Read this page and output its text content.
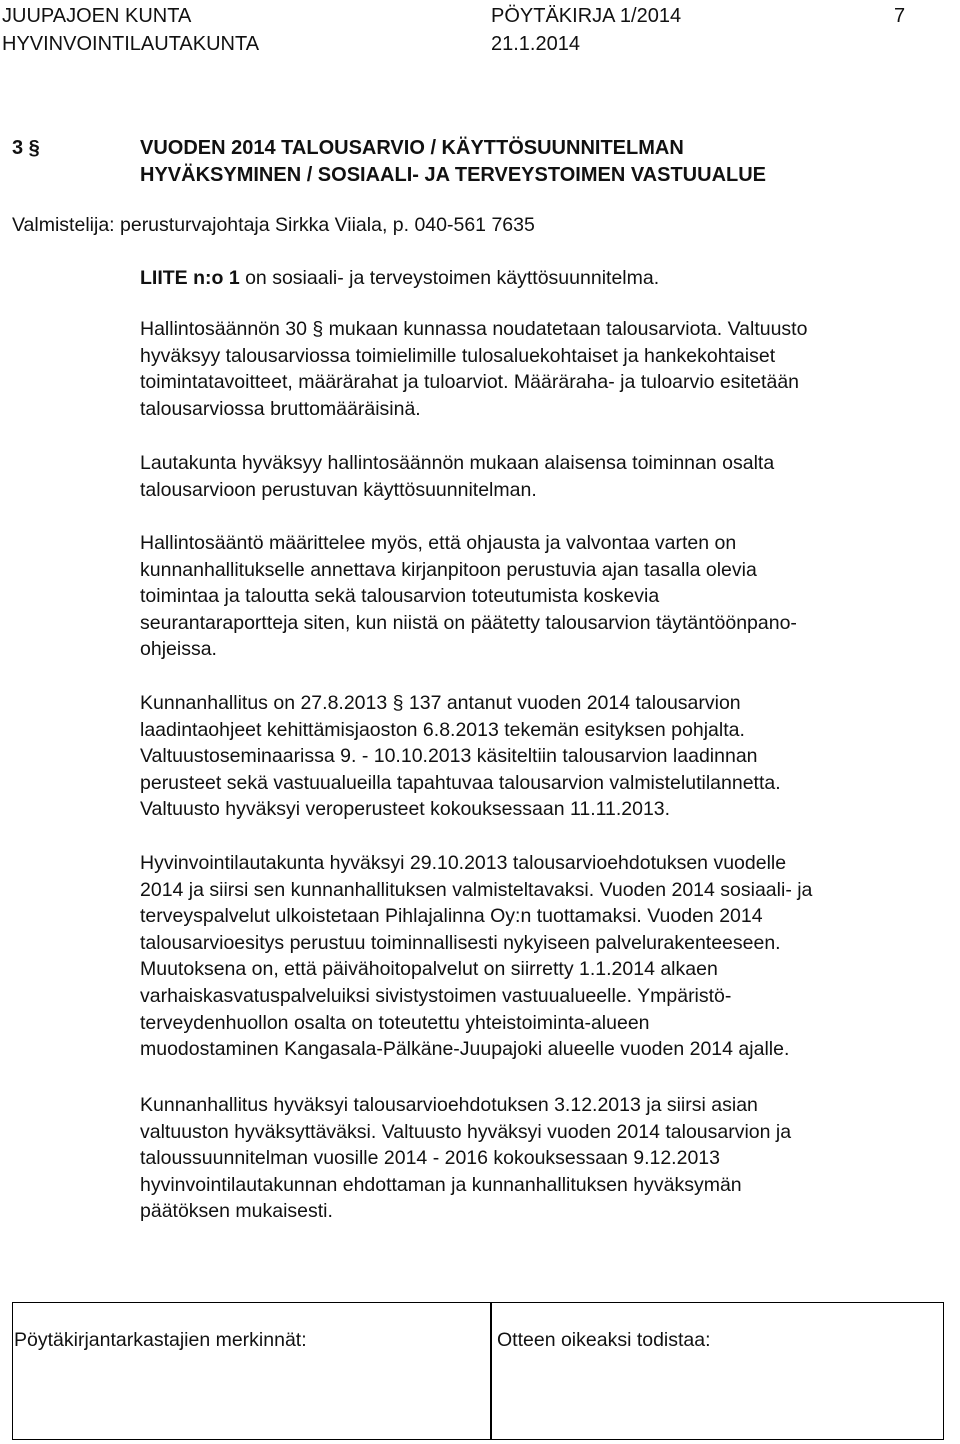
JUUPAJOEN KUNTA	PÖYTÄKIRJA 1/2014	7
HYVINVOINTILAUTAKUNTA	21.1.2014
3 §	VUODEN 2014 TALOUSARVIO / KÄYTTÖSUUNNITELMAN
HYVÄKSYMINEN / SOSIAALI- JA TERVEYSTOIMEN VASTUUALUE
Valmistelija: perusturvajohtaja Sirkka Viiala, p. 040-561 7635
LIITE n:o 1 on sosiaali- ja terveystoimen käyttösuunnitelma.
Hallintosäännön 30 § mukaan kunnassa noudatetaan talousarviota. Valtuusto
hyväksyy talousarviossa toimielimille tulosaluekohtaiset ja hankekohtaiset
toimintatavoitteet, määrärahat ja tuloarviot. Määräraha- ja tuloarvio esitetään
talousarviossa bruttomääräisinä.
Lautakunta hyväksyy hallintosäännön mukaan alaisensa toiminnan osalta
talousarvioon perustuvan käyttösuunnitelman.
Hallintosääntö määrittelee myös, että ohjausta ja valvontaa varten on
kunnanhallitukselle annettava kirjanpitoon perustuvia ajan tasalla olevia
toimintaa ja taloutta sekä talousarvion toteutumista koskevia
seurantaraportteja siten, kun niistä on päätetty talousarvion täytäntöönpano-
ohjeissa.
Kunnanhallitus on 27.8.2013 § 137 antanut vuoden 2014 talousarvion
laadintaohjeet kehittämisjaoston 6.8.2013 tekemän esityksen pohjalta.
Valtuustoseminaarissa 9. - 10.10.2013 käsiteltiin talousarvion laadinnan
perusteet sekä vastuualueilla tapahtuvaa talousarvion valmistelutilannetta.
Valtuusto hyväksyi veroperusteet kokouksessaan 11.11.2013.
Hyvinvointilautakunta hyväksyi 29.10.2013 talousarvioehdotuksen vuodelle
2014 ja siirsi sen kunnanhallituksen valmisteltavaksi. Vuoden 2014 sosiaali- ja
terveyspalvelut ulkoistetaan Pihlajalinna Oy:n tuottamaksi. Vuoden 2014
talousarvioesitys perustuu toiminnallisesti nykyiseen palvelurakenteeseen.
Muutoksena on, että päivähoitopalvelut on siirretty 1.1.2014 alkaen
varhaiskasvatuspalveluiksi sivistystoimen vastuualueelle. Ympäristö-
terveydenhuollon osalta on toteutettu yhteistoiminta-alueen
muodostaminen Kangasala-Pälkäne-Juupajoki alueelle vuoden 2014 ajalle.
Kunnanhallitus hyväksyi talousarvioehdotuksen 3.12.2013 ja siirsi asian
valtuuston hyväksyttäväksi. Valtuusto hyväksyi vuoden 2014 talousarvion ja
taloussuunnitelman vuosille 2014 - 2016 kokouksessaan 9.12.2013
hyvinvointilautakunnan ehdottaman ja kunnanhallituksen hyväksymän
päätöksen mukaisesti.
Pöytäkirjantarkastajien merkinnät:	Otteen oikeaksi todistaa:
